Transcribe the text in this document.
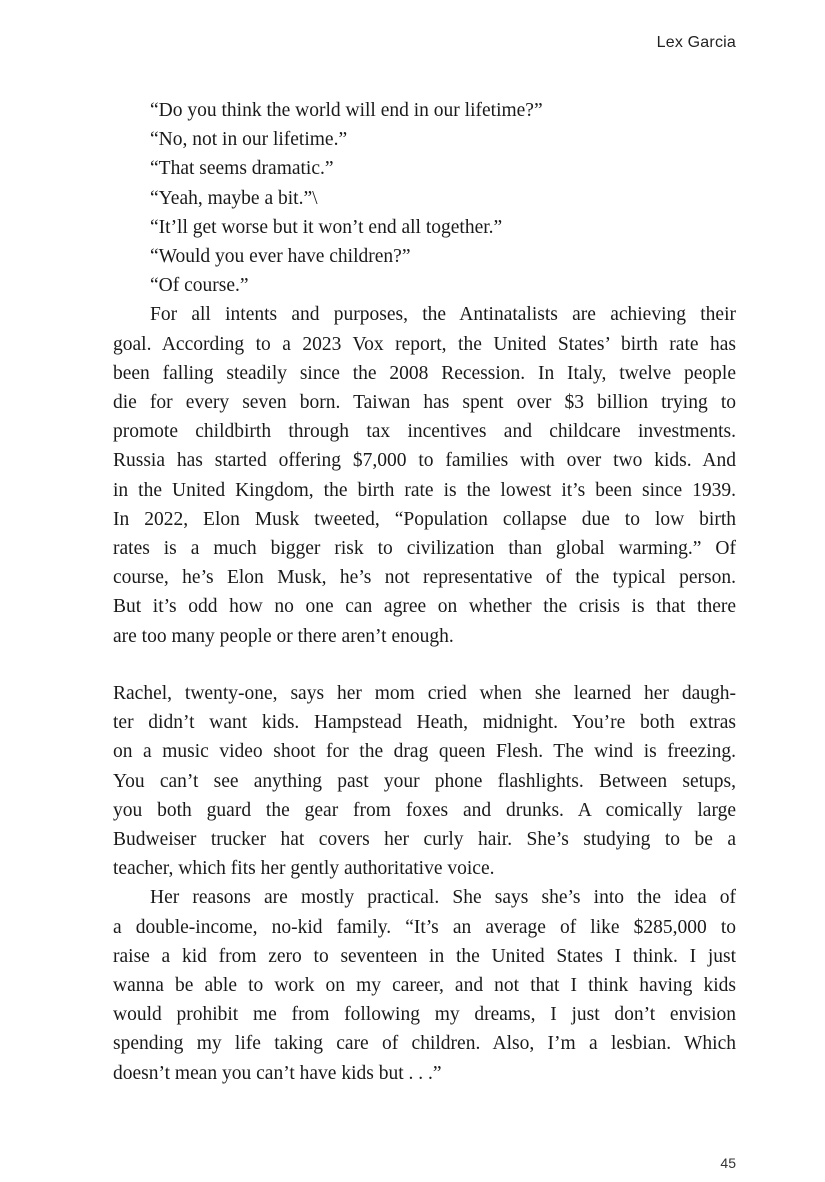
Lex Garcia
“Do you think the world will end in our lifetime?”
“No, not in our lifetime.”
“That seems dramatic.”
“Yeah, maybe a bit.”\
“It’ll get worse but it won’t end all together.”
“Would you ever have children?”
“Of course.”
For all intents and purposes, the Antinatalists are achieving their
goal. According to a 2023 Vox report, the United States’ birth rate has
been falling steadily since the 2008 Recession. In Italy, twelve people
die for every seven born. Taiwan has spent over $3 billion trying to
promote childbirth through tax incentives and childcare investments.
Russia has started offering $7,000 to families with over two kids. And
in the United Kingdom, the birth rate is the lowest it’s been since 1939.
In 2022, Elon Musk tweeted, “Population collapse due to low birth
rates is a much bigger risk to civilization than global warming.” Of
course, he’s Elon Musk, he’s not representative of the typical person.
But it’s odd how no one can agree on whether the crisis is that there
are too many people or there aren’t enough.
Rachel, twenty-one, says her mom cried when she learned her daugh-
ter didn’t want kids. Hampstead Heath, midnight. You’re both extras
on a music video shoot for the drag queen Flesh. The wind is freezing.
You can’t see anything past your phone flashlights. Between setups,
you both guard the gear from foxes and drunks. A comically large
Budweiser trucker hat covers her curly hair. She’s studying to be a
teacher, which fits her gently authoritative voice.
Her reasons are mostly practical. She says she’s into the idea of
a double-income, no-kid family. “It’s an average of like $285,000 to
raise a kid from zero to seventeen in the United States I think. I just
wanna be able to work on my career, and not that I think having kids
would prohibit me from following my dreams, I just don’t envision
spending my life taking care of children. Also, I’m a lesbian. Which
doesn’t mean you can’t have kids but . . .”
45
